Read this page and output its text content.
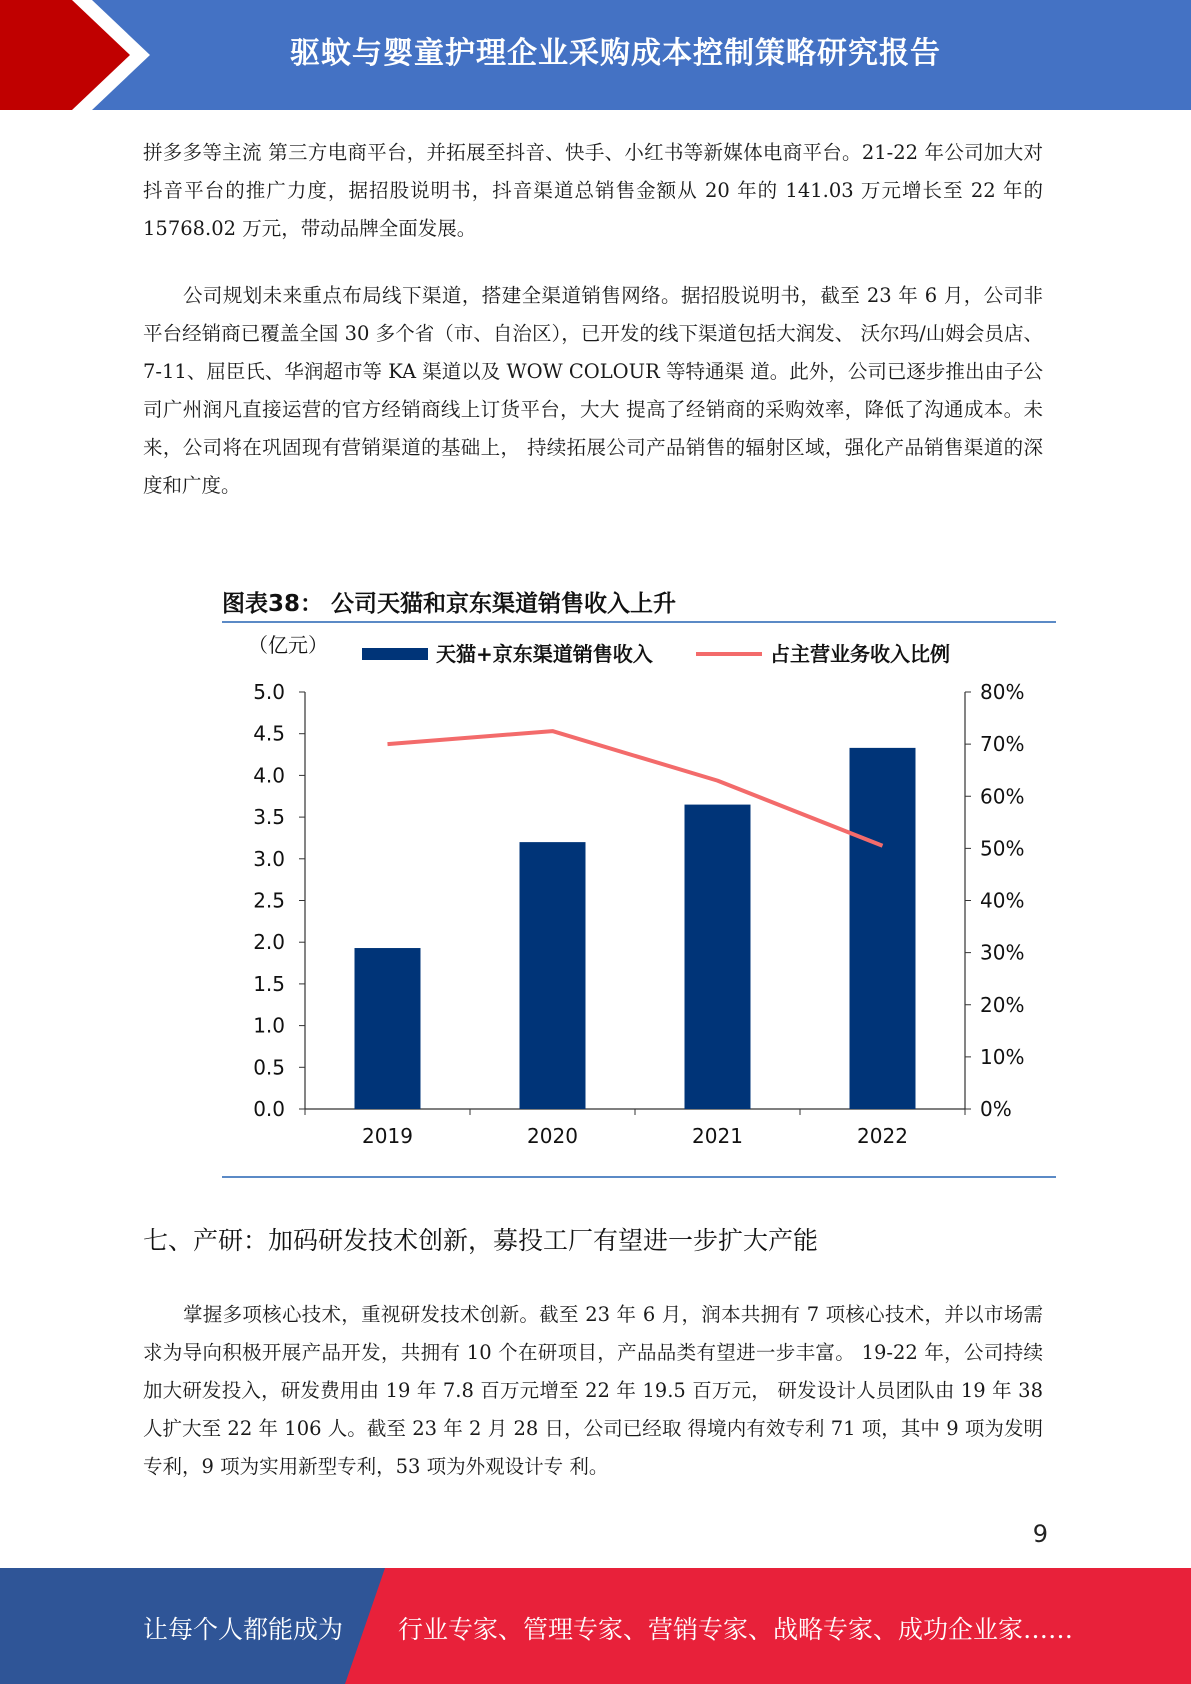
驱蚊与婴童护理企业采购成本控制策略研究报告

拼多多等主流 第三方电商平台，并拓展至抖音、快手、小红书等新媒体电商平台。21-22 年公司加大对 抖音平台的推广力度，据招股说明书，抖音渠道总销售金额从 20 年的 141.03 万元增长至 22 年的 15768.02 万元，带动品牌全面发展。

公司规划未来重点布局线下渠道，搭建全渠道销售网络。据招股说明书，截至 23 年 6 月，公司非平台经销商已覆盖全国 30 多个省（市、自治区），已开发的线下渠道包括大润发、 沃尔玛/山姆会员店、7-11、屈臣氏、华润超市等 KA 渠道以及 WOW COLOUR 等特通渠 道。此外，公司已逐步推出由子公司广州润凡直接运营的官方经销商线上订货平台，大大 提高了经销商的采购效率，降低了沟通成本。未来，公司将在巩固现有营销渠道的基础上， 持续拓展公司产品销售的辐射区域，强化产品销售渠道的深度和广度。

图表38： 公司天猫和京东渠道销售收入上升
0.0
0.5
1.0
1.5
2.0
2.5
3.0
3.5
4.0
4.5
5.0
0%
10%
20%
30%
40%
50%
60%
70%
80%
2019	2020	2021	2022
（亿元）	天猫+京东渠道销售收入	占主营业务收入比例
七、产研：加码研发技术创新，募投工厂有望进一步扩大产能

掌握多项核心技术，重视研发技术创新。截至 23 年 6 月，润本共拥有 7 项核心技术，并以市场需求为导向积极开展产品开发，共拥有 10 个在研项目，产品品类有望进一步丰富。 19-22 年，公司持续加大研发投入，研发费用由 19 年 7.8 百万元增至 22 年 19.5 百万元， 研发设计人员团队由 19 年 38 人扩大至 22 年 106 人。截至 23 年 2 月 28 日，公司已经取 得境内有效专利 71 项，其中 9 项为发明专利，9 项为实用新型专利，53 项为外观设计专 利。

9
让每个人都能成为 行业专家、管理专家、营销专家、战略专家、成功企业家……
